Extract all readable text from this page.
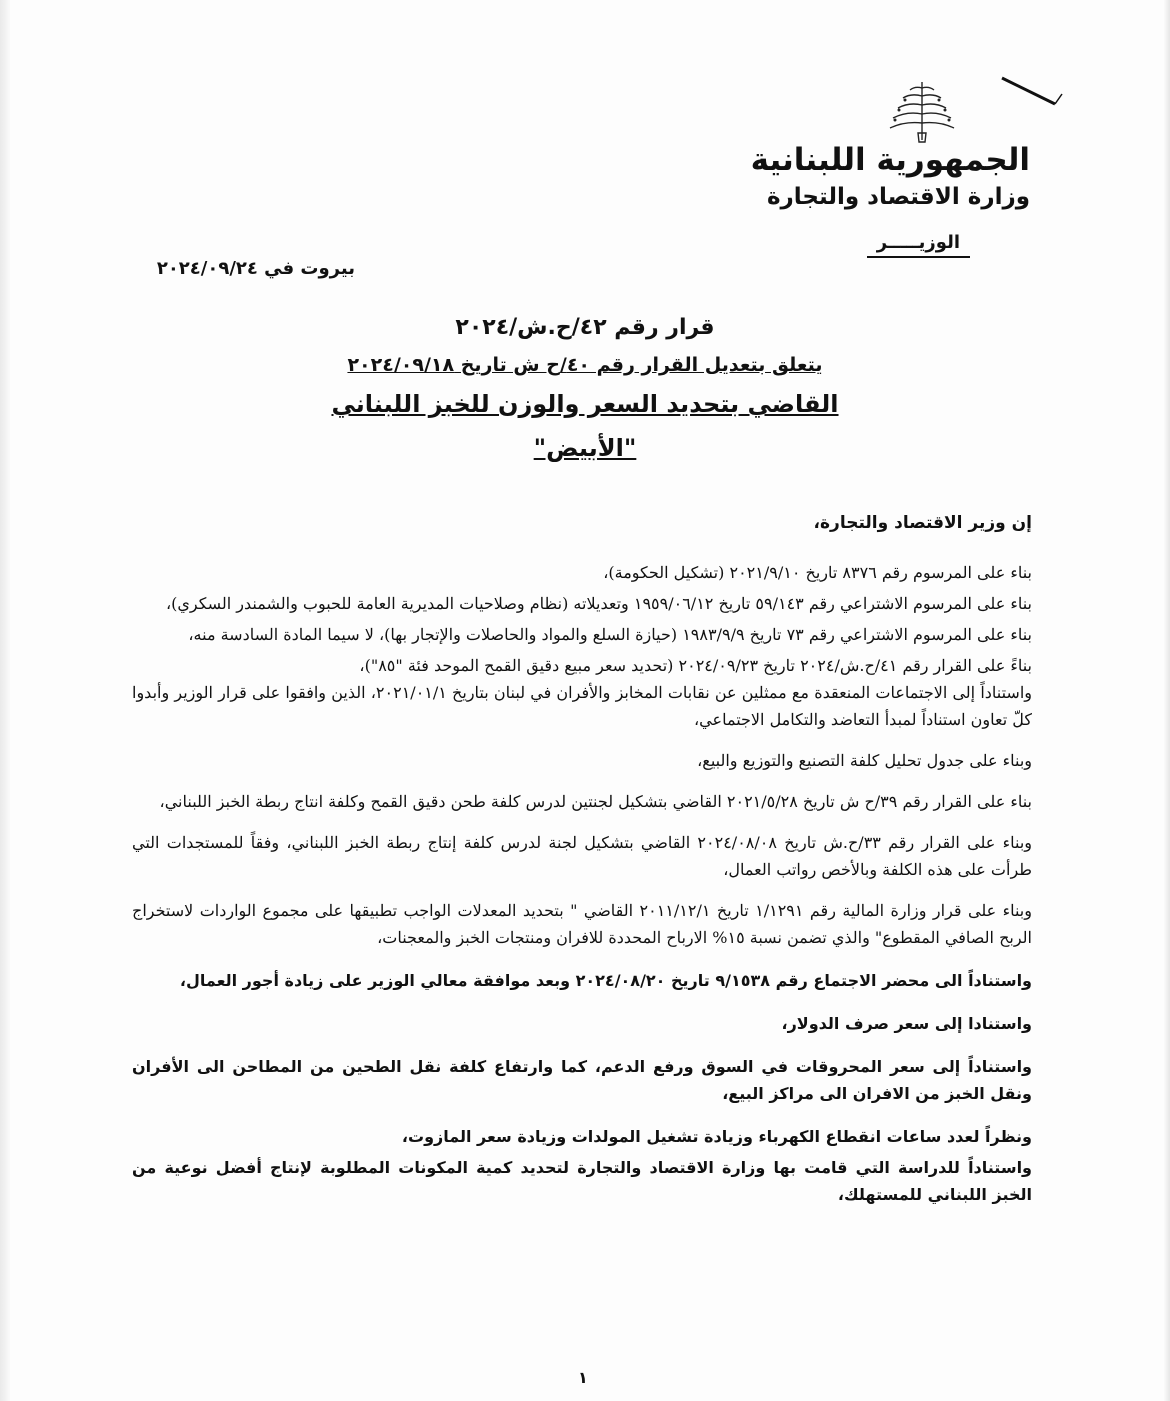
الجمهورية اللبنانية

وزارة الاقتصاد والتجارة

الوزيـــــر

بيروت في ٢٠٢٤/٠٩/٢٤
قرار رقم ٤٢/ح.ش/٢٠٢٤
يتعلق بتعديل القرار رقم ٤٠/ح ش تاريخ ٢٠٢٤/٠٩/١٨
القاضي بتحديد السعر والوزن للخبز اللبناني "الأبيض"

إن وزير الاقتصاد والتجارة،

بناء على المرسوم رقم ٨٣٧٦ تاريخ ٢٠٢١/٩/١٠ (تشكيل الحكومة)،

بناء على المرسوم الاشتراعي رقم ٥٩/١٤٣ تاريخ ١٩٥٩/٠٦/١٢ وتعديلاته (نظام وصلاحيات المديرية العامة للحبوب والشمندر السكري)،

بناء على المرسوم الاشتراعي رقم ٧٣ تاريخ ١٩٨٣/٩/٩ (حيازة السلع والمواد والحاصلات والإتجار بها)، لا سيما المادة السادسة منه،

بناءً على القرار رقم ٤١/ح.ش/٢٠٢٤ تاريخ ٢٠٢٤/٠٩/٢٣ (تحديد سعر مبيع دقيق القمح الموحد فئة "٨٥")،

واستناداً إلى الاجتماعات المنعقدة مع ممثلين عن نقابات المخابز والأفران في لبنان بتاريخ ٢٠٢١/٠١/١، الذين وافقوا على قرار الوزير وأبدوا كلّ تعاون استناداً لمبدأ التعاضد والتكامل الاجتماعي،

وبناء على جدول تحليل كلفة التصنيع والتوزيع والبيع،

بناء على القرار رقم ٣٩/ح ش تاريخ ٢٠٢١/٥/٢٨ القاضي بتشكيل لجنتين لدرس كلفة طحن دقيق القمح وكلفة انتاج ربطة الخبز اللبناني،

وبناء على القرار رقم ٣٣/ح.ش تاريخ ٢٠٢٤/٠٨/٠٨ القاضي بتشكيل لجنة لدرس كلفة إنتاج ربطة الخبز اللبناني، وفقاً للمستجدات التي طرأت على هذه الكلفة وبالأخص رواتب العمال،

وبناء على قرار وزارة المالية رقم ١/١٢٩١ تاريخ ٢٠١١/١٢/١ القاضي " بتحديد المعدلات الواجب تطبيقها على مجموع الواردات لاستخراج الربح الصافي المقطوع" والذي تضمن نسبة ١٥% الارباح المحددة للافران ومنتجات الخبز والمعجنات،

واستناداً الى محضر الاجتماع رقم ٩/١٥٣٨ تاريخ ٢٠٢٤/٠٨/٢٠ وبعد موافقة معالي الوزير على زيادة أجور العمال،

واستنادا إلى سعر صرف الدولار،

واستناداً إلى سعر المحروقات في السوق ورفع الدعم، كما وارتفاع كلفة نقل الطحين من المطاحن الى الأفران ونقل الخبز من الافران الى مراكز البيع،

ونظراً لعدد ساعات انقطاع الكهرباء وزيادة تشغيل المولدات وزيادة سعر المازوت،

واستناداً للدراسة التي قامت بها وزارة الاقتصاد والتجارة لتحديد كمية المكونات المطلوبة لإنتاج أفضل نوعية من الخبز اللبناني للمستهلك،

١
